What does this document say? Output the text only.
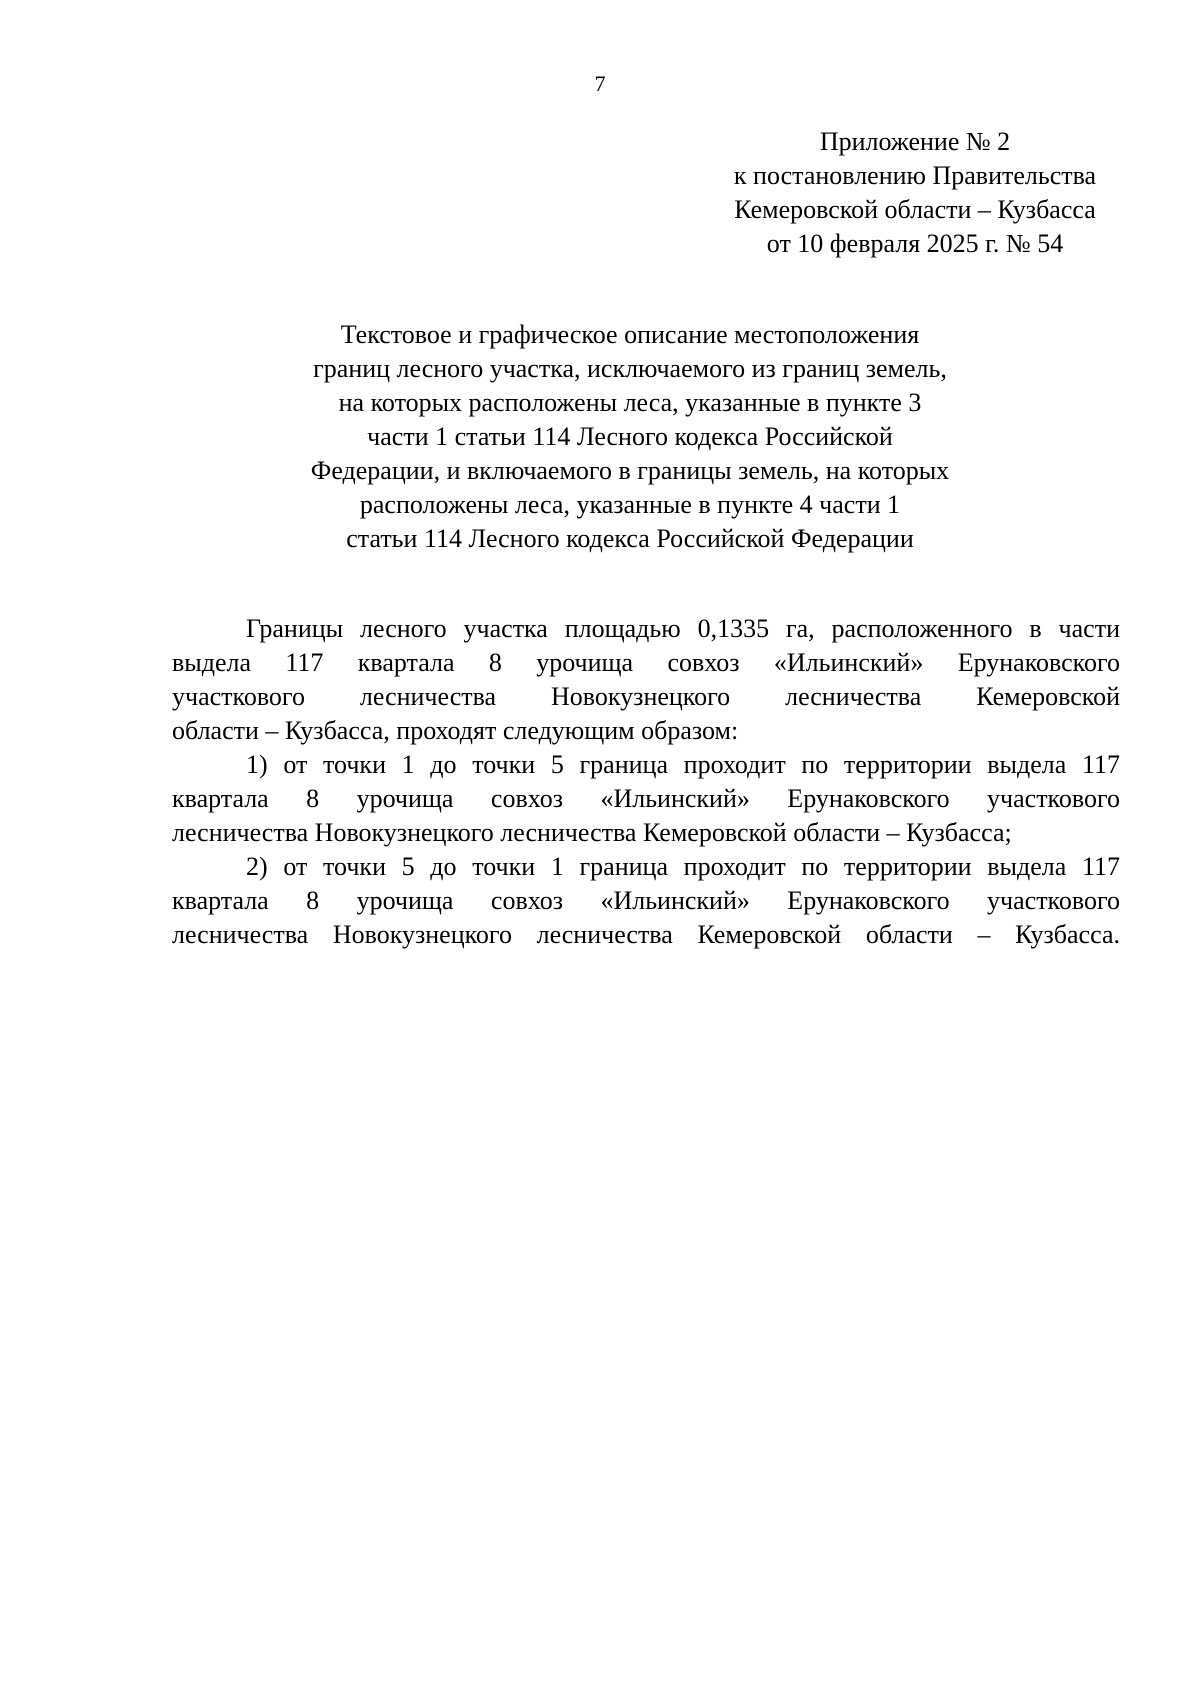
7
Приложение № 2
к постановлению Правительства
Кемеровской области – Кузбасса
от 10 февраля 2025 г. № 54
Текстовое и графическое описание местоположения
границ лесного участка, исключаемого из границ земель,
на которых расположены леса, указанные в пункте 3
части 1 статьи 114 Лесного кодекса Российской
Федерации, и включаемого в границы земель, на которых
расположены леса, указанные в пункте 4 части 1
статьи 114 Лесного кодекса Российской Федерации
Границы лесного участка площадью 0,1335 га, расположенного в части
выдела 117 квартала 8 урочища совхоз «Ильинский» Ерунаковского
участкового лесничества Новокузнецкого лесничества Кемеровской
области – Кузбасса, проходят следующим образом:
1) от точки 1 до точки 5 граница проходит по территории выдела 117
квартала 8 урочища совхоз «Ильинский» Ерунаковского участкового
лесничества Новокузнецкого лесничества Кемеровской области – Кузбасса;
2) от точки 5 до точки 1 граница проходит по территории выдела 117
квартала 8 урочища совхоз «Ильинский» Ерунаковского участкового
лесничества Новокузнецкого лесничества Кемеровской области – Кузбасса.
